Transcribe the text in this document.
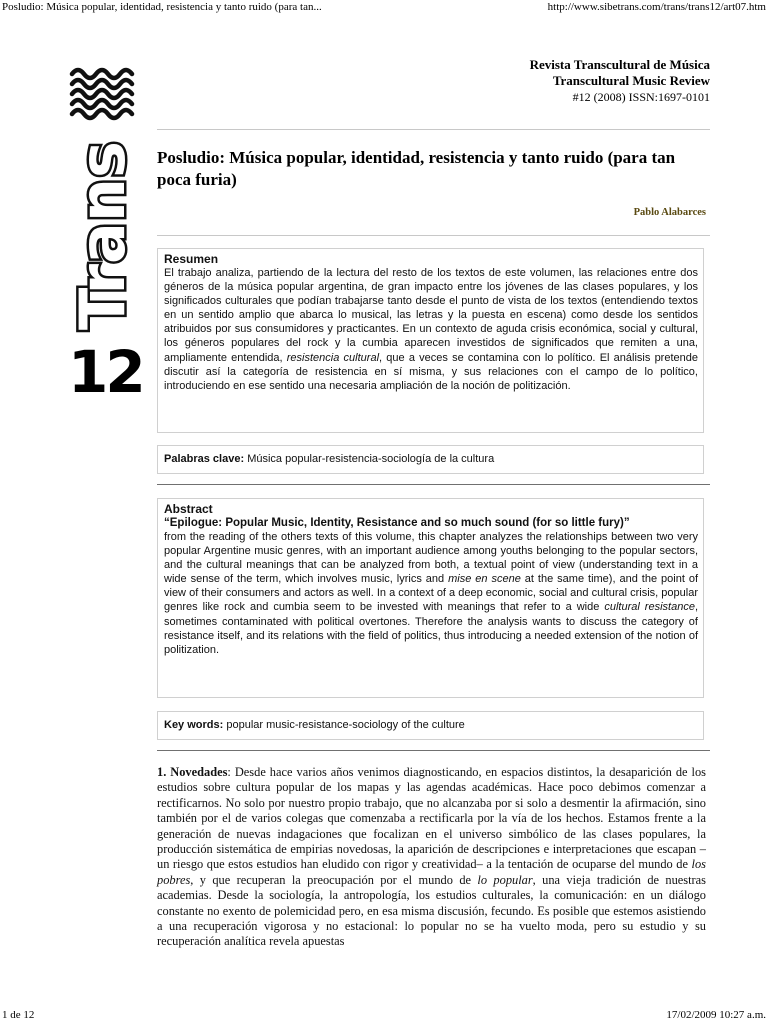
Posludio: Música popular, identidad, resistencia y tanto ruido (para tan...	http://www.sibetrans.com/trans/trans12/art07.htm
Trans
12
Revista Transcultural de Música
Transcultural Music Review
#12 (2008) ISSN:1697-0101
Posludio: Música popular, identidad, resistencia y tanto ruido (para tan poca furia)
Pablo Alabarces
Resumen
El trabajo analiza, partiendo de la lectura del resto de los textos de este volumen, las relaciones entre dos géneros de la música popular argentina, de gran impacto entre los jóvenes de las clases populares, y los significados culturales que podían trabajarse tanto desde el punto de vista de los textos (entendiendo textos en un sentido amplio que abarca lo musical, las letras y la puesta en escena) como desde los sentidos atribuidos por sus consumidores y practicantes. En un contexto de aguda crisis económica, social y cultural, los géneros populares del rock y la cumbia aparecen investidos de significados que remiten a una, ampliamente entendida, resistencia cultural, que a veces se contamina con lo político. El análisis pretende discutir así la categoría de resistencia en sí misma, y sus relaciones con el campo de lo político, introduciendo en ese sentido una necesaria ampliación de la noción de politización.
Palabras clave: Música popular-resistencia-sociología de la cultura
Abstract
“Epilogue: Popular Music, Identity, Resistance and so much sound (for so little fury)”
from the reading of the others texts of this volume, this chapter analyzes the relationships between two very popular Argentine music genres, with an important audience among youths belonging to the popular sectors, and the cultural meanings that can be analyzed from both, a textual point of view (understanding text in a wide sense of the term, which involves music, lyrics and mise en scene at the same time), and the point of view of their consumers and actors as well. In a context of a deep economic, social and cultural crisis, popular genres like rock and cumbia seem to be invested with meanings that refer to a wide cultural resistance, sometimes contaminated with political overtones. Therefore the analysis wants to discuss the category of resistance itself, and its relations with the field of politics, thus introducing a needed extension of the notion of politization.
Key words: popular music-resistance-sociology of the culture
1. Novedades: Desde hace varios años venimos diagnosticando, en espacios distintos, la desaparición de los estudios sobre cultura popular de los mapas y las agendas académicas. Hace poco debimos comenzar a rectificarnos. No solo por nuestro propio trabajo, que no alcanzaba por si solo a desmentir la afirmación, sino también por el de varios colegas que comenzaba a rectificarla por la vía de los hechos. Estamos frente a la generación de nuevas indagaciones que focalizan en el universo simbólico de las clases populares, la producción sistemática de empirias novedosas, la aparición de descripciones e interpretaciones que escapan –un riesgo que estos estudios han eludido con rigor y creatividad– a la tentación de ocuparse del mundo de los pobres, y que recuperan la preocupación por el mundo de lo popular, una vieja tradición de nuestras academias. Desde la sociología, la antropología, los estudios culturales, la comunicación: en un diálogo constante no exento de polemicidad pero, en esa misma discusión, fecundo. Es posible que estemos asistiendo a una recuperación vigorosa y no estacional: lo popular no se ha vuelto moda, pero su estudio y su recuperación analítica revela apuestas
1 de 12	17/02/2009 10:27 a.m.
